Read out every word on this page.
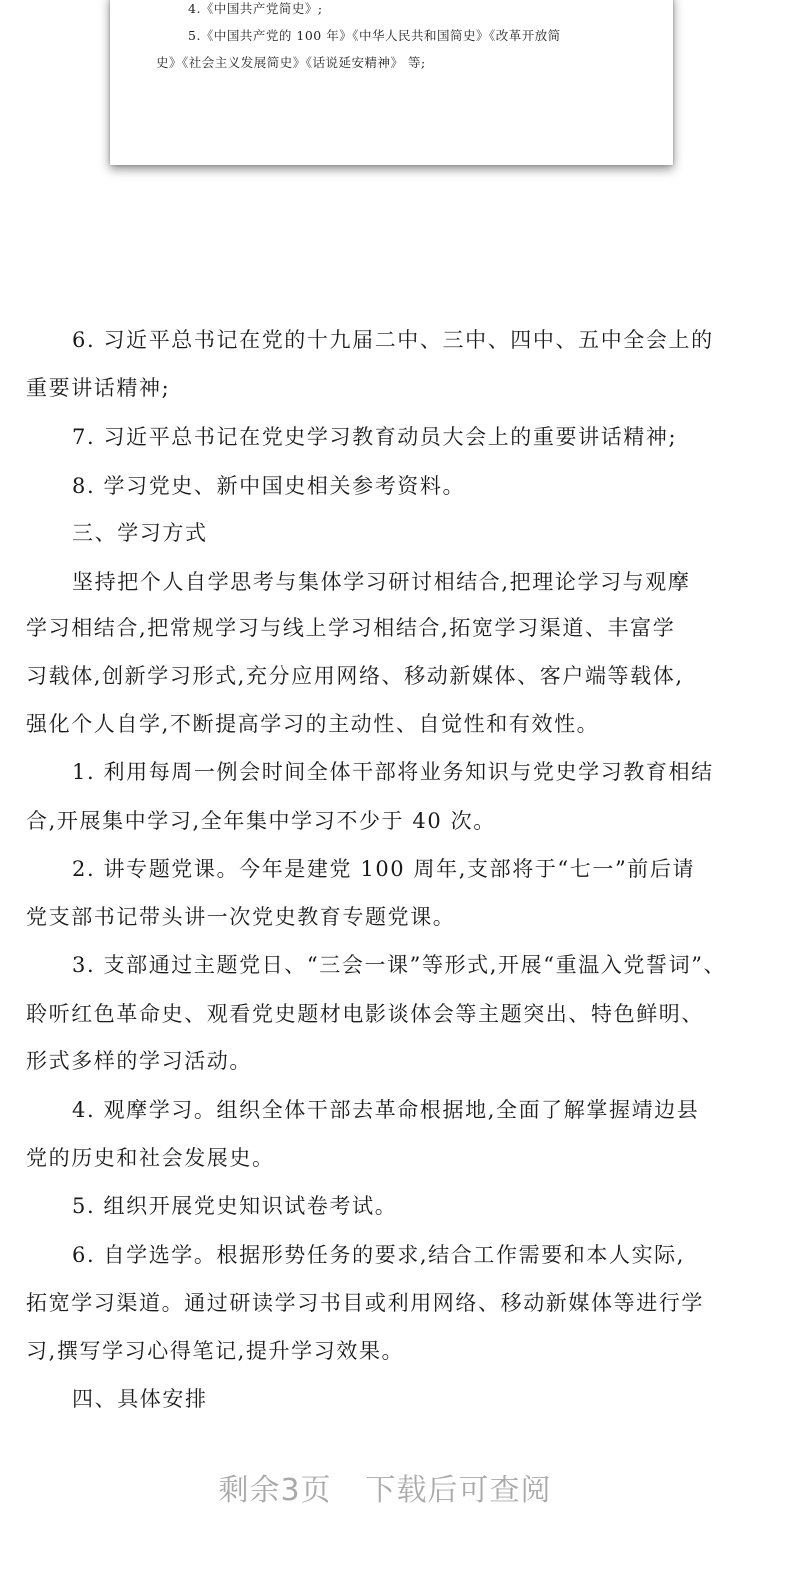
4.《中国共产党简史》;
5.《中国共产党的 100 年》《中华人民共和国简史》《改革开放简
史》《社会主义发展简史》《话说延安精神》 等;
6. 习近平总书记在党的十九届二中、三中、四中、五中全会上的
重要讲话精神;
7. 习近平总书记在党史学习教育动员大会上的重要讲话精神;
8. 学习党史、新中国史相关参考资料。
三、学习方式
坚持把个人自学思考与集体学习研讨相结合,把理论学习与观摩
学习相结合,把常规学习与线上学习相结合,拓宽学习渠道、丰富学
习载体,创新学习形式,充分应用网络、移动新媒体、客户端等载体,
强化个人自学,不断提高学习的主动性、自觉性和有效性。
1. 利用每周一例会时间全体干部将业务知识与党史学习教育相结
合,开展集中学习,全年集中学习不少于 40 次。
2. 讲专题党课。今年是建党 100 周年,支部将于“七一”前后请
党支部书记带头讲一次党史教育专题党课。
3. 支部通过主题党日、“三会一课”等形式,开展“重温入党誓词”、
聆听红色革命史、观看党史题材电影谈体会等主题突出、特色鲜明、
形式多样的学习活动。
4. 观摩学习。组织全体干部去革命根据地,全面了解掌握靖边县
党的历史和社会发展史。
5. 组织开展党史知识试卷考试。
6. 自学选学。根据形势任务的要求,结合工作需要和本人实际,
拓宽学习渠道。通过研读学习书目或利用网络、移动新媒体等进行学
习,撰写学习心得笔记,提升学习效果。
四、具体安排
剩余3页 下载后可查阅
